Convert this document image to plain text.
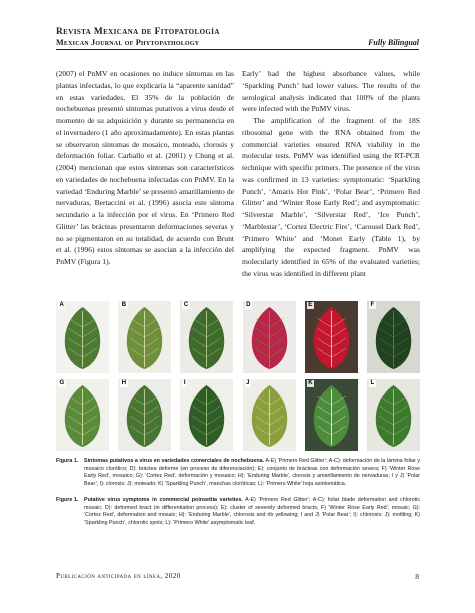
Revista Mexicana de Fitopatología
Mexican Journal of Phytopathology	Fully Bilingual

(2007) el PnMV en ocasiones no induce síntomas en las plantas infectadas, lo que explicaría la “aparente sanidad” en estas variedades. El 35% de la población de nochebuenas presentó síntomas putativos a virus desde el momento de su adquisición y durante su permanencia en el invernadero (1 año aproximadamente). En estas plantas se observaron síntomas de mosaico, moteado, clorosis y deformación foliar. Carballo et al. (2001) y Chung et al. (2004) mencionan que estos síntomas son característicos en variedades de nochebuena infectadas con PnMV. En la variedad ‘Enduring Marble’ se presentó amarillamiento de nervaduras, Bertaccini et al. (1996) asocia este síntoma secundario a la infección por el virus. En ‘Primero Red Glitter’ las brácteas presentaron deformaciones severas y no se pigmentaron en su totalidad, de acuerdo con Brunt et al. (1996) estos síntomas se asocian a la infección del PnMV (Figura 1).

Early’ had the highest absorbance values, while ‘Sparkling Punch’ had lower values. The results of the serological analysis indicated that 100% of the plants were infected with the PnMV virus.

The amplification of the fragment of the 18S ribosomal gene with the RNA obtained from the commercial varieties ensured RNA viability in the molecular tests. PnMV was identified using the RT-PCR technique with specific primers. The presence of the virus was confirmed in 13 varieties: symptomatic: ‘Sparkling Punch’, ‘Amaris Hot Pink’, ‘Polar Bear’, ‘Primero Red Glitter’ and ‘Winter Rose Early Red’; and asymptomatic: ‘Silverstar Marble’, ‘Silverstar Red’, ‘Ice Punch’, ‘Marblestar’, ‘Cortez Electric Fire’, ‘Carousel Dark Red’, ‘Primero White’ and ‘Monet Early (Table 1), by amplifying the expected fragment. PnMV was molecularly identified in 65% of the evaluated varieties; the virus was identified in different plant

A	B	C	D	E	F
G	H	I	J	K	L
Figura 1.	Síntomas putativos a virus en variedades comerciales de nochebuena. A-E) ‘Primero Red Glitter’; A-C): deformación de la lámina foliar y mosaico clorótico; D): bráctea deforme (en proceso de diferenciación); E): conjunto de brácteas con deformación severa; F) ‘Winter Rose Early Red’, mosaico; G): ‘Cortez Red’, deformación y mosaico; H): ‘Enduring Marble’, clorosis y amarillamiento de nervaduras; I y J) ‘Polar Bear’; I): clorosis; J): moteado; K) ‘Sparkling Punch’, manchas cloróticas; L): ‘Primero White’ hoja asintomática.
Figure 1.	Putative virus symptoms in commercial poinsettia varieties. A-E) ‘Primero Red Glitter’; A-C): foliar blade deformation and chlorotic mosaic; D): deformed bract (in differentiation process); E): cluster of severely deformed bracts; F) ‘Winter Rose Early Red’, mosaic; G): ‘Cortez Red’, deformation and mosaic; H): ‘Enduring Marble’, chlorosis and rib yellowing; I and J) ‘Polar Bear’; I): chlorosis: J): mottling; K) ‘Sparkling Punch’, chlorotic spots; L): ‘Primero White’ asymptomatic leaf.
Publicación anticipada en línea, 2020	8
